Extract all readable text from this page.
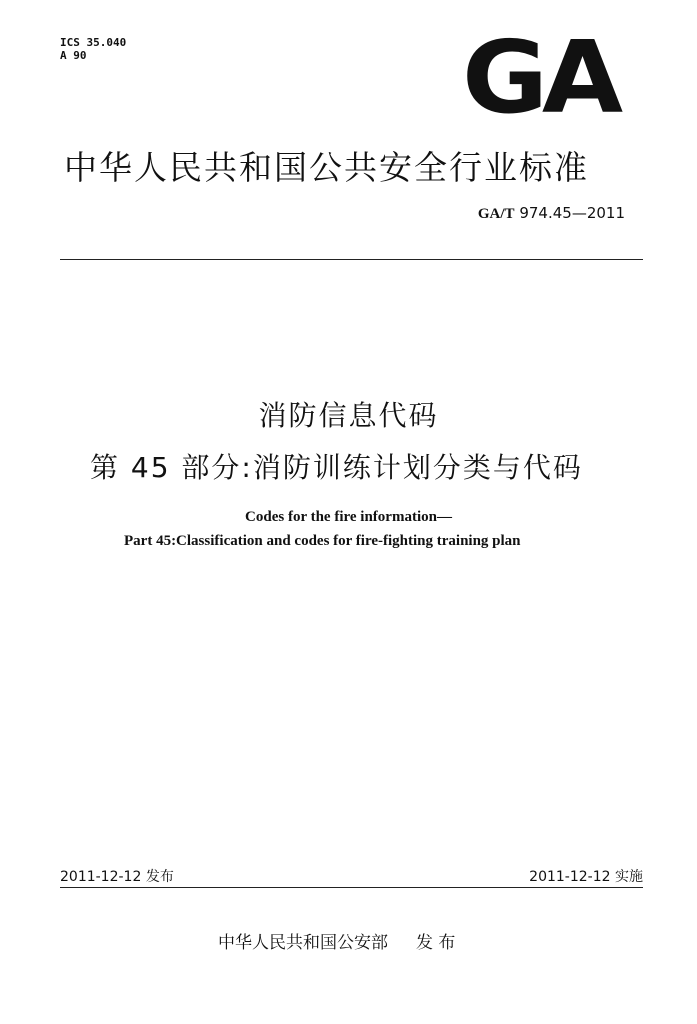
ICS 35.040
A 90	GA
中华人民共和国公共安全行业标准
GA/T 974.45—2011
消防信息代码
第 45 部分:消防训练计划分类与代码
Codes for the fire information—
Part 45:Classification and codes for fire-fighting training plan
2011-12-12 发布	2011-12-12 实施
中华人民共和国公安部 发 布
